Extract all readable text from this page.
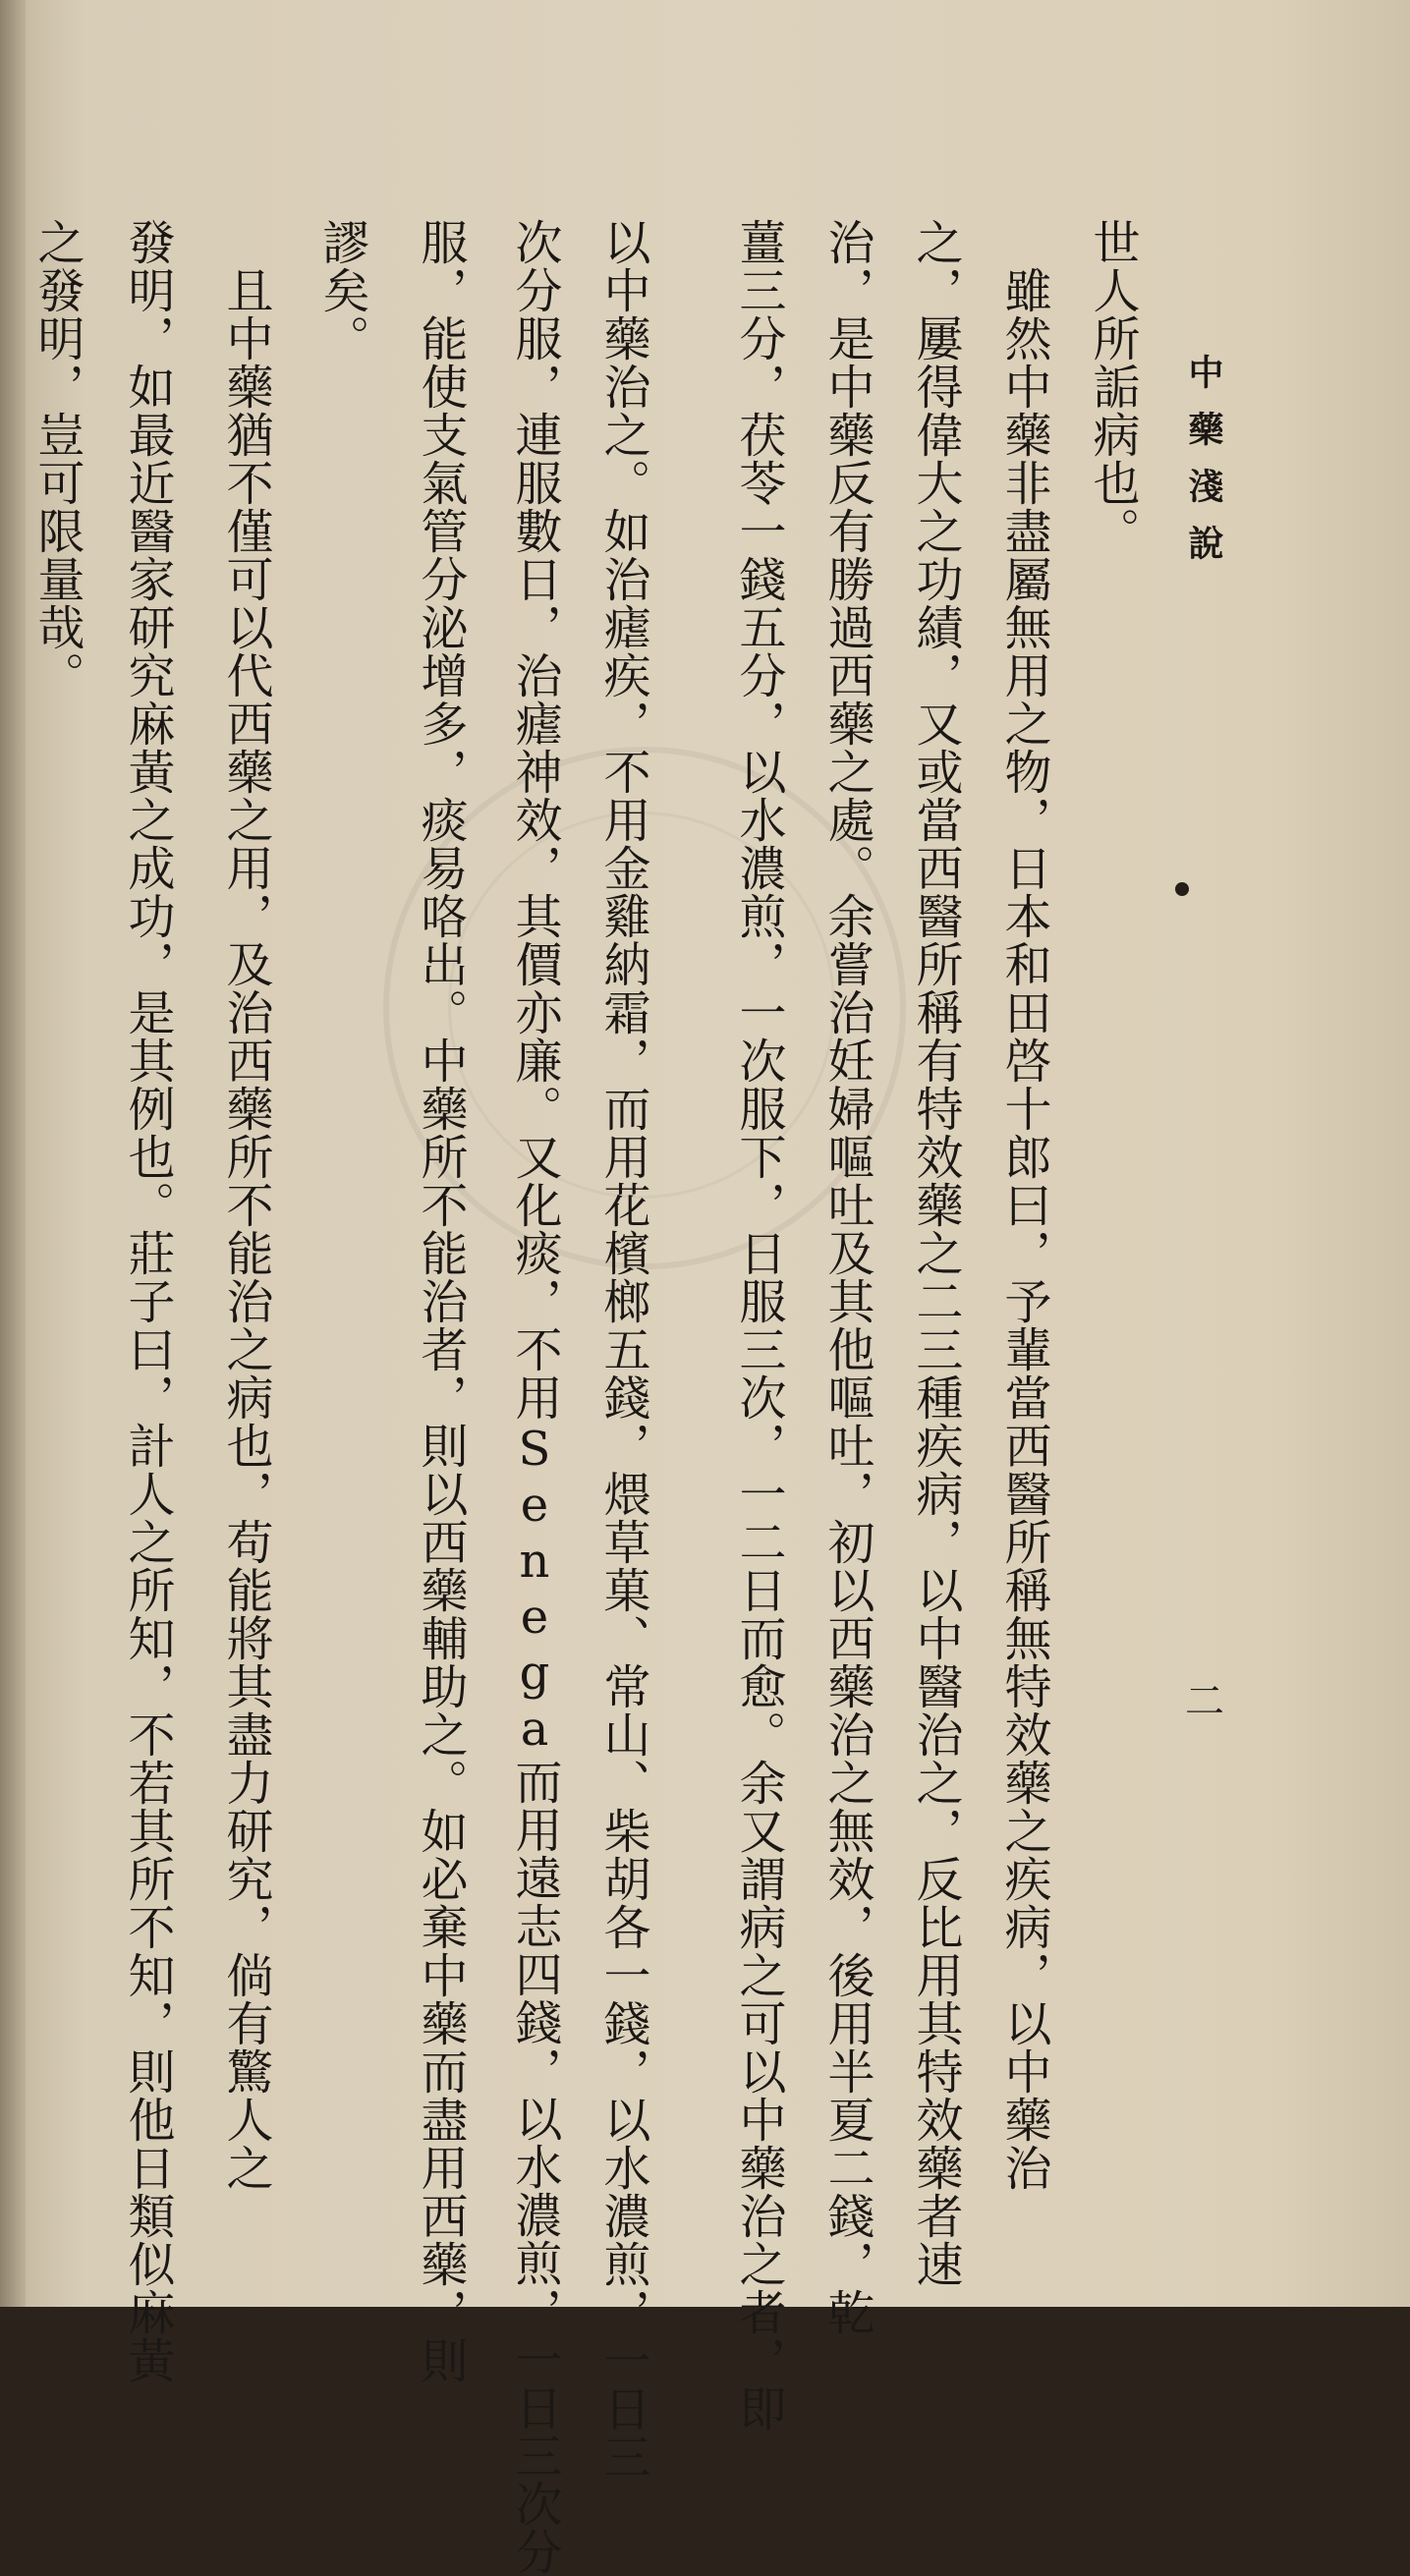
中藥淺說
二
世人所詬病也。
　雖然中藥非盡屬無用之物，日本和田啓十郎曰，予輩當西醫所稱無特效藥之疾病，以中藥治
之，屢得偉大之功績，又或當西醫所稱有特效藥之二三種疾病，以中醫治之，反比用其特效藥者速
治，是中藥反有勝過西藥之處。余嘗治妊婦嘔吐及其他嘔吐，初以西藥治之無效，後用半夏二錢，乾
薑三分，茯苓一錢五分，以水濃煎，一次服下，日服三次，一二日而愈。余又謂病之可以中藥治之者，即
以中藥治之。如治瘧疾，不用金雞納霜，而用花檳榔五錢，煨草菓、常山、柴胡各一錢，以水濃煎，一日三
次分服，連服數日，治瘧神效，其價亦廉。又化痰，不用Senega而用遠志四錢，以水濃煎，一日三次分
服，能使支氣管分泌增多，痰易咯出。中藥所不能治者，則以西藥輔助之。如必棄中藥而盡用西藥，則
謬矣。
　且中藥猶不僅可以代西藥之用，及治西藥所不能治之病也，苟能將其盡力研究，倘有驚人之
發明，如最近醫家研究麻黃之成功，是其例也。莊子曰，計人之所知，不若其所不知，則他日類似麻黃
之發明，豈可限量哉。
